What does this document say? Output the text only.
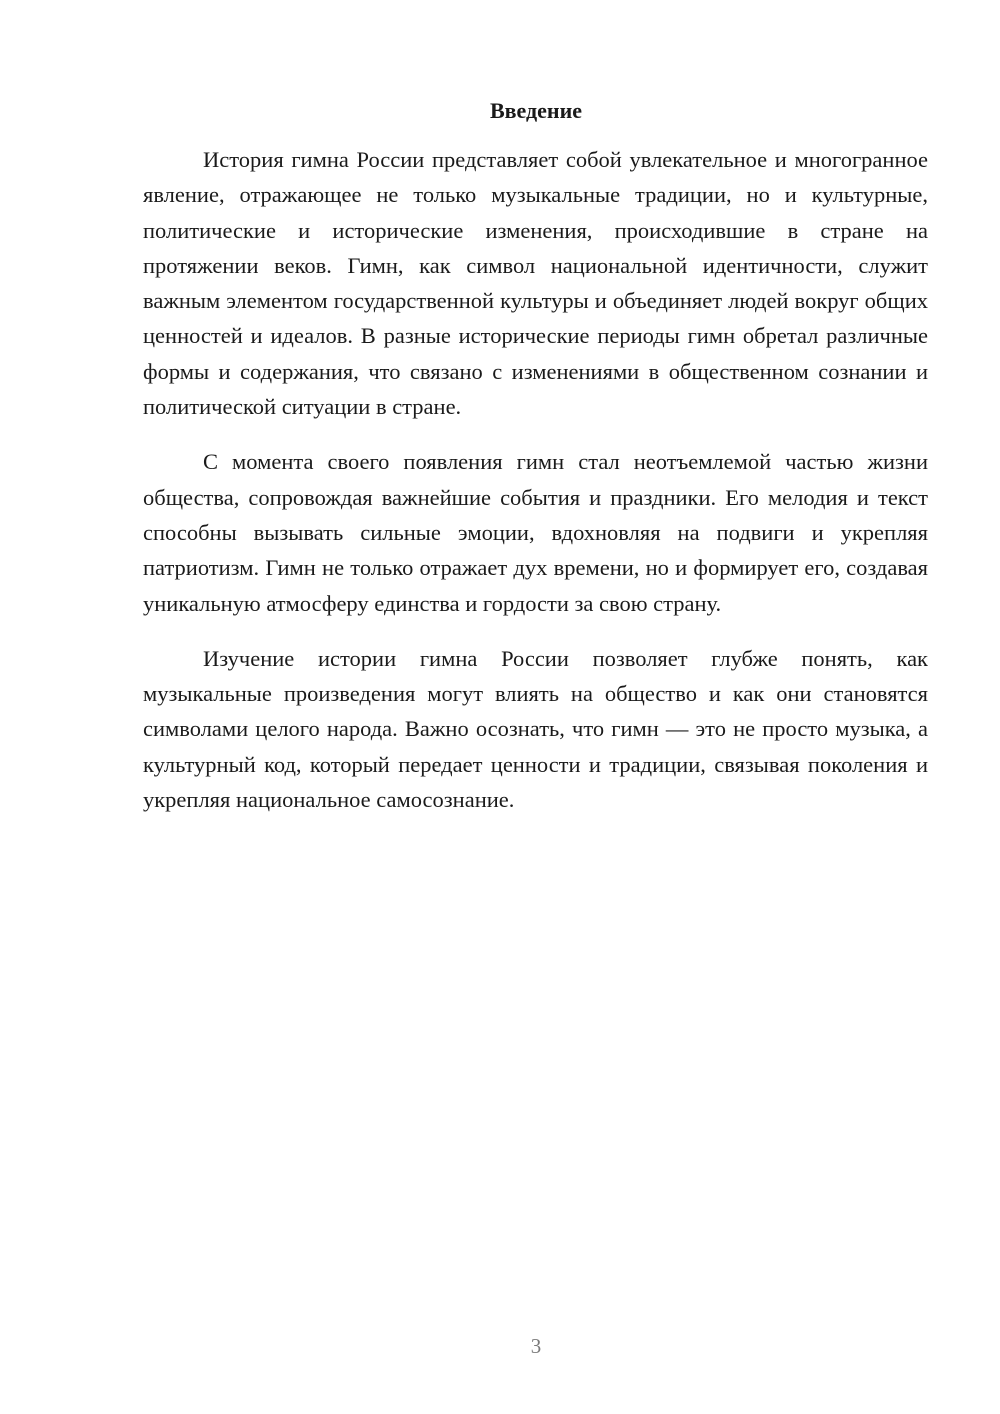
Введение

История гимна России представляет собой увлекательное и многогранное явление, отражающее не только музыкальные традиции, но и культурные, политические и исторические изменения, происходившие в стране на протяжении веков. Гимн, как символ национальной идентичности, служит важным элементом государственной культуры и объединяет людей вокруг общих ценностей и идеалов. В разные исторические периоды гимн обретал различные формы и содержания, что связано с изменениями в общественном сознании и политической ситуации в стране.

С момента своего появления гимн стал неотъемлемой частью жизни общества, сопровождая важнейшие события и праздники. Его мелодия и текст способны вызывать сильные эмоции, вдохновляя на подвиги и укрепляя патриотизм. Гимн не только отражает дух времени, но и формирует его, создавая уникальную атмосферу единства и гордости за свою страну.

Изучение истории гимна России позволяет глубже понять, как музыкальные произведения могут влиять на общество и как они становятся символами целого народа. Важно осознать, что гимн — это не просто музыка, а культурный код, который передает ценности и традиции, связывая поколения и укрепляя национальное самосознание.

3
